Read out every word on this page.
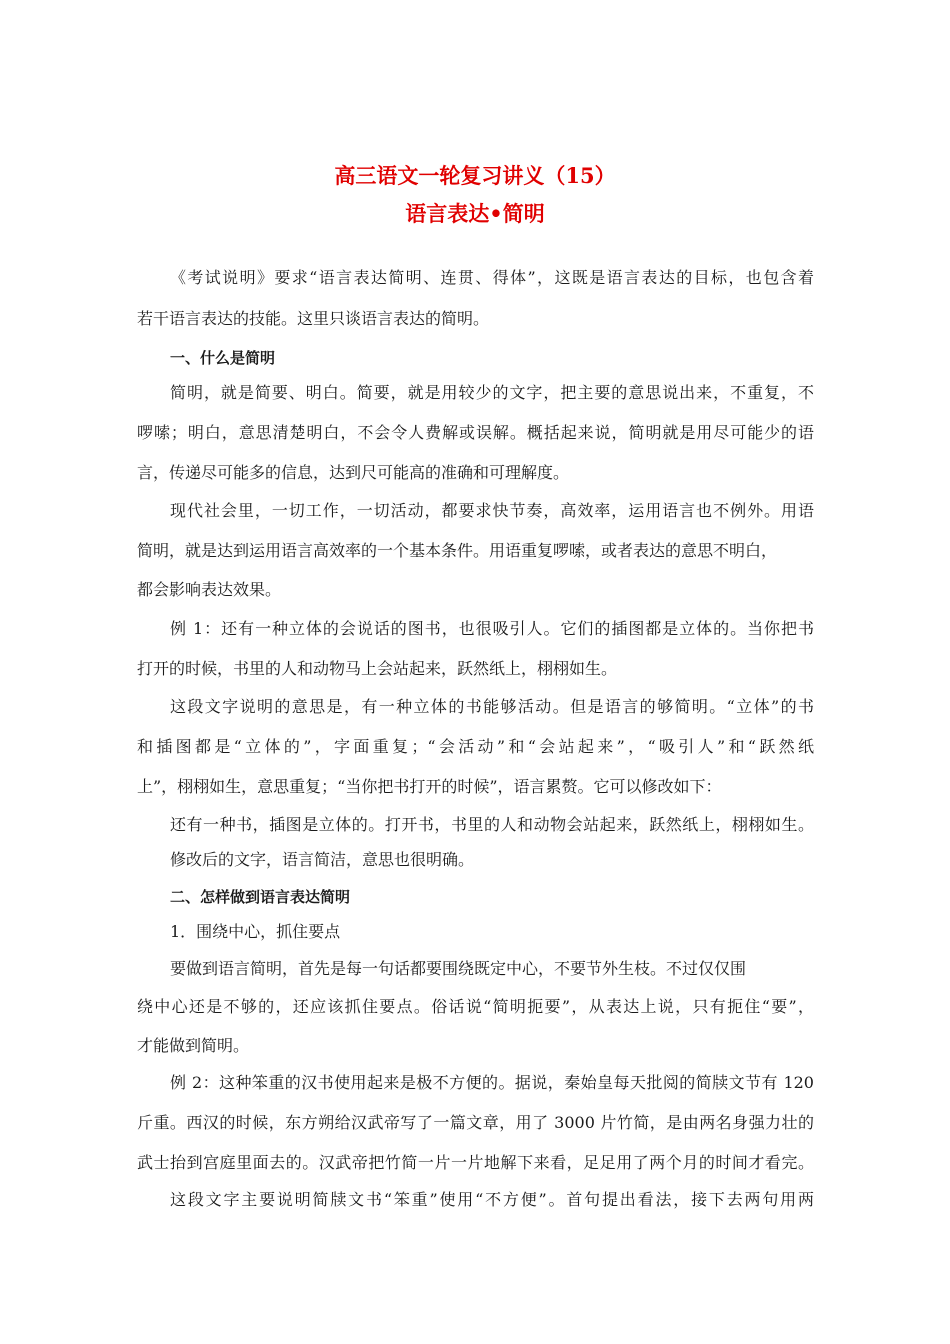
高三语文一轮复习讲义（15）
语言表达•简明
《考试说明》要求“语言表达简明、连贯、得体”，这既是语言表达的目标，也包含着
若干语言表达的技能。这里只谈语言表达的简明。
一、什么是简明
简明，就是简要、明白。简要，就是用较少的文字，把主要的意思说出来，不重复，不
啰嗦；明白，意思清楚明白，不会令人费解或误解。概括起来说，简明就是用尽可能少的语
言，传递尽可能多的信息，达到尺可能高的准确和可理解度。
现代社会里，一切工作，一切活动，都要求快节奏，高效率，运用语言也不例外。用语
简明，就是达到运用语言高效率的一个基本条件。用语重复啰嗦，或者表达的意思不明白，
都会影响表达效果。
例 1：还有一种立体的会说话的图书，也很吸引人。它们的插图都是立体的。当你把书
打开的时候，书里的人和动物马上会站起来，跃然纸上，栩栩如生。
这段文字说明的意思是，有一种立体的书能够活动。但是语言的够简明。“立体”的书
和插图都是“立体的”，字面重复；“会活动”和“会站起来”，“吸引人”和“跃然纸
上”，栩栩如生，意思重复；“当你把书打开的时候”，语言累赘。它可以修改如下：
还有一种书，插图是立体的。打开书，书里的人和动物会站起来，跃然纸上，栩栩如生。
修改后的文字，语言简洁，意思也很明确。
二、怎样做到语言表达简明
1．围绕中心，抓住要点
要做到语言简明，首先是每一句话都要围绕既定中心，不要节外生枝。不过仅仅围
绕中心还是不够的，还应该抓住要点。俗话说“简明扼要”，从表达上说，只有扼住“要”，
才能做到简明。
例 2：这种笨重的汉书使用起来是极不方便的。据说，秦始皇每天批阅的简牍文节有 120
斤重。西汉的时候，东方朔给汉武帝写了一篇文章，用了 3000 片竹简，是由两名身强力壮的
武士抬到宫庭里面去的。汉武帝把竹简一片一片地解下来看，足足用了两个月的时间才看完。
这段文字主要说明简牍文书“笨重”使用“不方便”。首句提出看法，接下去两句用两
